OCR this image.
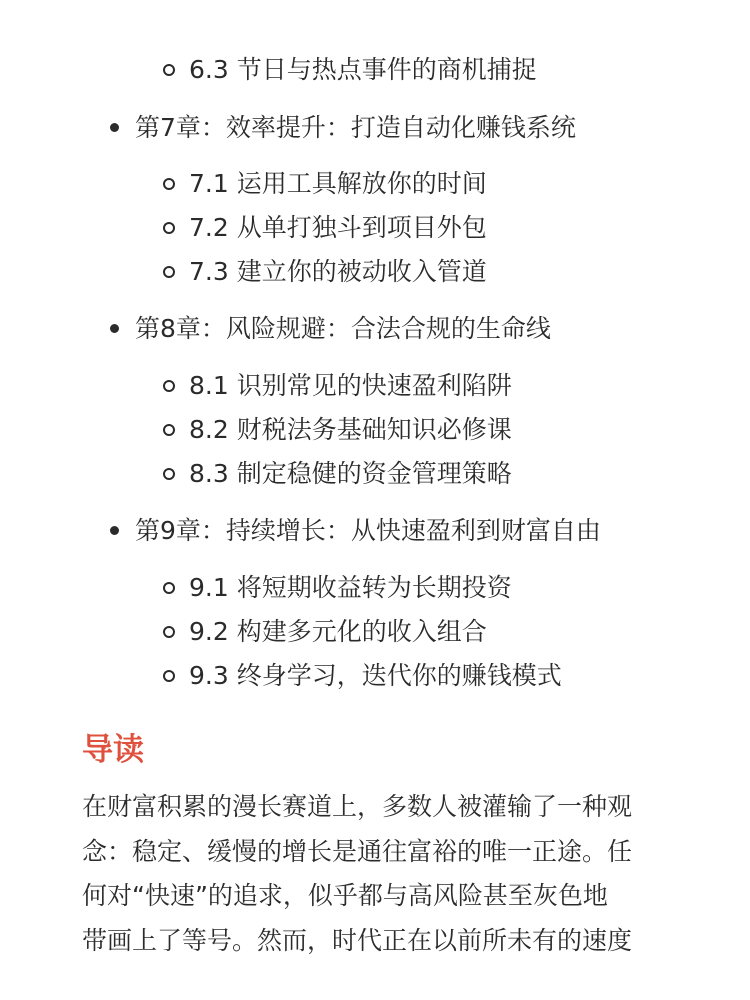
6.3 节日与热点事件的商机捕捉
第7章：效率提升：打造自动化赚钱系统
7.1 运用工具解放你的时间
7.2 从单打独斗到项目外包
7.3 建立你的被动收入管道
第8章：风险规避：合法合规的生命线
8.1 识别常见的快速盈利陷阱
8.2 财税法务基础知识必修课
8.3 制定稳健的资金管理策略
第9章：持续增长：从快速盈利到财富自由
9.1 将短期收益转为长期投资
9.2 构建多元化的收入组合
9.3 终身学习，迭代你的赚钱模式
导读
在财富积累的漫长赛道上，多数人被灌输了一种观
念：稳定、缓慢的增长是通往富裕的唯一正途。任
何对“快速”的追求，似乎都与高风险甚至灰色地
带画上了等号。然而，时代正在以前所未有的速度
